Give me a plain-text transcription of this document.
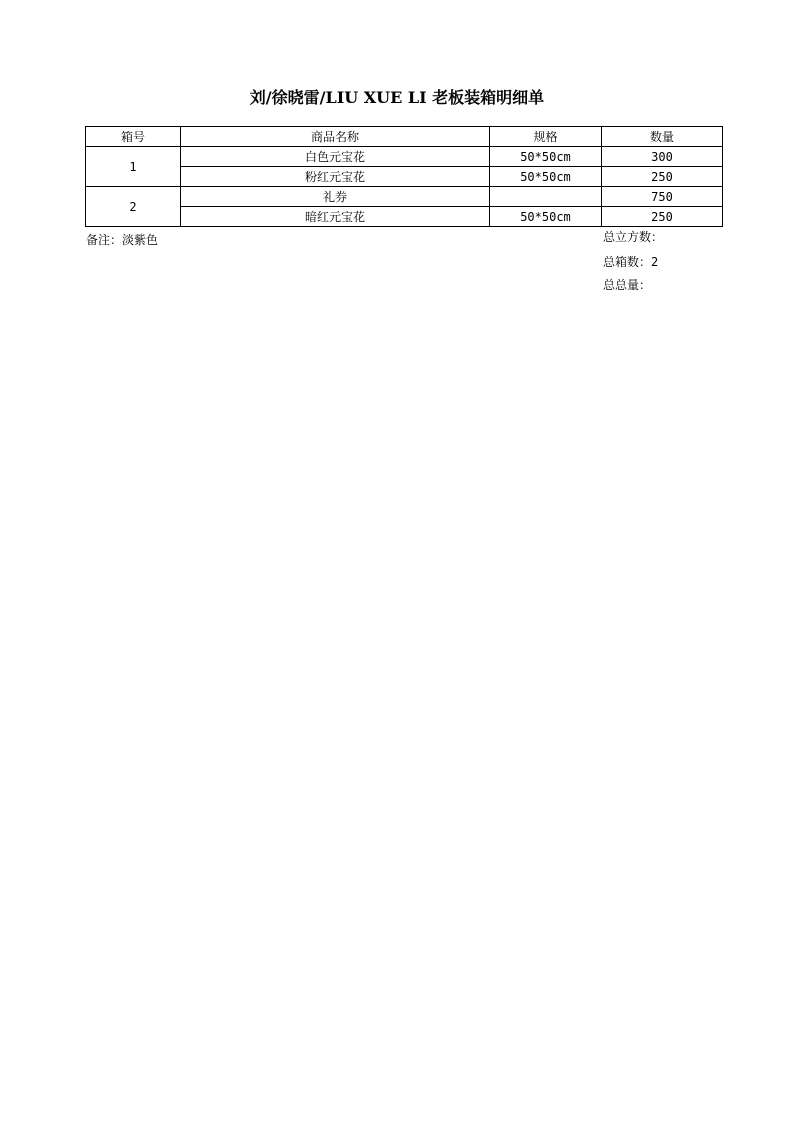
刘/徐晓雷/LIU XUE LI 老板装箱明细单
箱号	商品名称	规格	数量
1	白色元宝花	50*50cm	300
	粉红元宝花	50*50cm	250
2	礼券		750
	暗红元宝花	50*50cm	250
备注：淡紫色	总立方数：
总箱数：2
总总量：
